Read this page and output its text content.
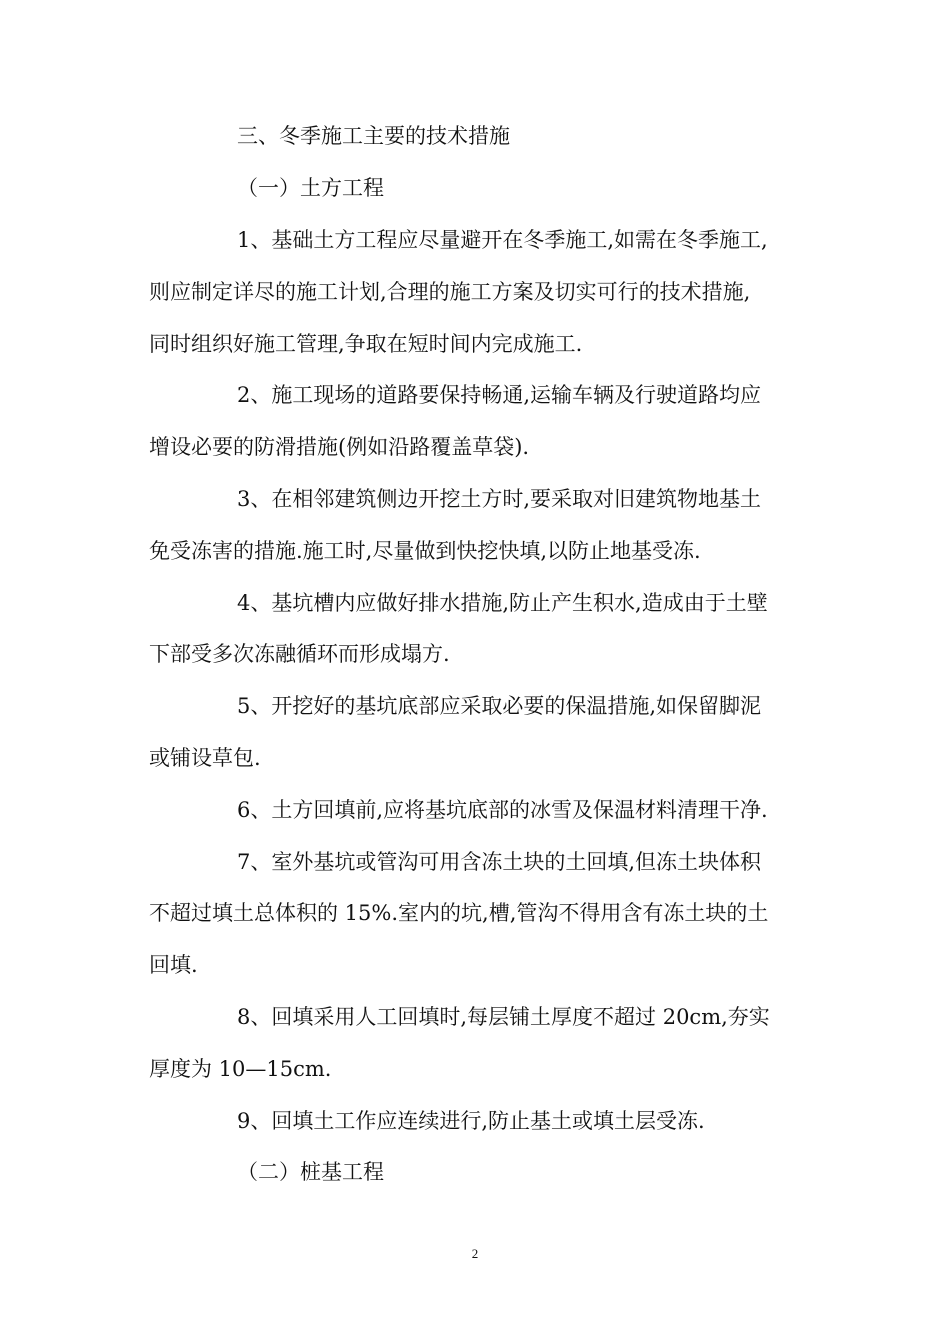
三、冬季施工主要的技术措施
（一）土方工程
1、基础土方工程应尽量避开在冬季施工,如需在冬季施工,
则应制定详尽的施工计划,合理的施工方案及切实可行的技术措施,
同时组织好施工管理,争取在短时间内完成施工.
2、施工现场的道路要保持畅通,运输车辆及行驶道路均应
增设必要的防滑措施(例如沿路覆盖草袋).
3、在相邻建筑侧边开挖土方时,要采取对旧建筑物地基土
免受冻害的措施.施工时,尽量做到快挖快填,以防止地基受冻.
4、基坑槽内应做好排水措施,防止产生积水,造成由于土壁
下部受多次冻融循环而形成塌方.
5、开挖好的基坑底部应采取必要的保温措施,如保留脚泥
或铺设草包.
6、土方回填前,应将基坑底部的冰雪及保温材料清理干净.
7、室外基坑或管沟可用含冻土块的土回填,但冻土块体积
不超过填土总体积的 15%.室内的坑,槽,管沟不得用含有冻土块的土
回填.
8、回填采用人工回填时,每层铺土厚度不超过 20cm,夯实
厚度为 10—15cm.
9、回填土工作应连续进行,防止基土或填土层受冻.
（二）桩基工程
2
